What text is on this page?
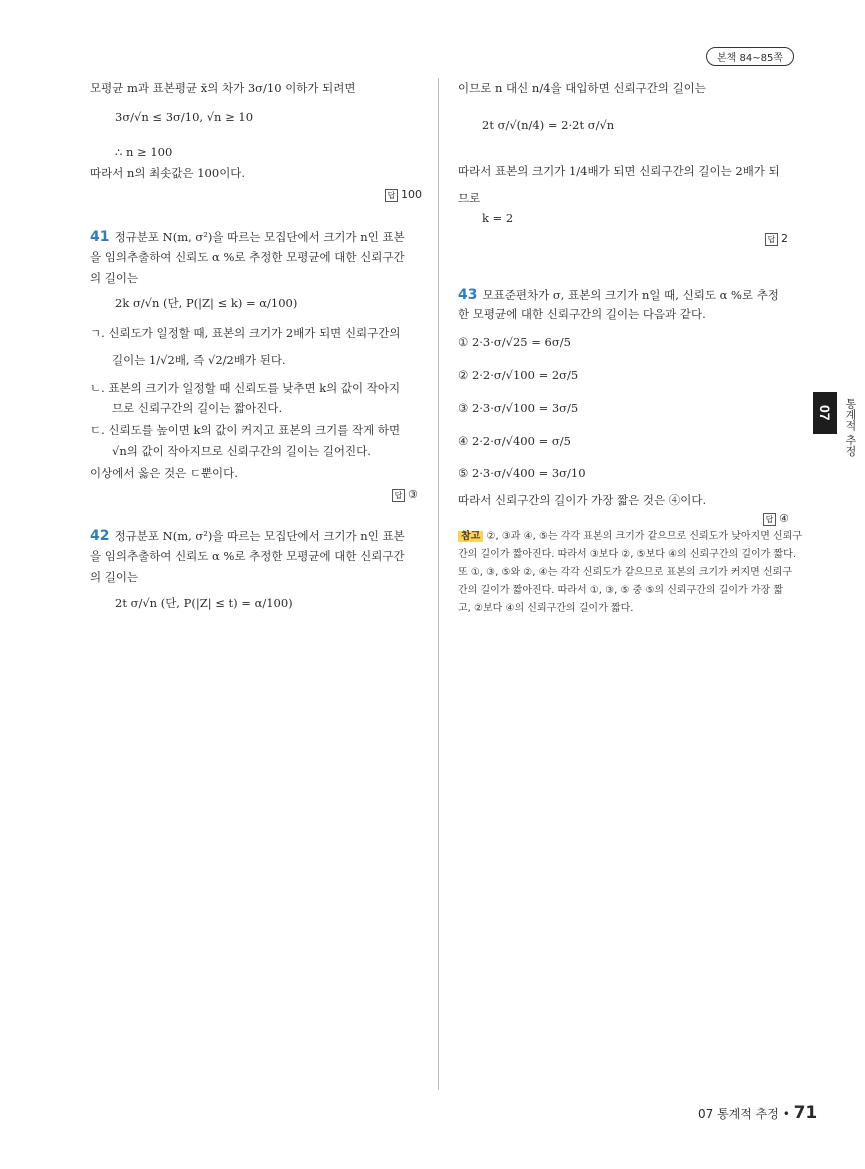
본책 84~85쪽
07	통계적 추정
모평균 m과 표본평균 x̄의 차가 3σ/10 이하가 되려면
3σ/√n ≤ 3σ/10, √n ≥ 10
∴ n ≥ 100
따라서 n의 최솟값은 100이다.
답 100
41 정규분포 N(m, σ²)을 따르는 모집단에서 크기가 n인 표본
을 임의추출하여 신뢰도 α %로 추정한 모평균에 대한 신뢰구간
의 길이는
2k σ/√n (단, P(|Z| ≤ k) = α/100)
ㄱ. 신뢰도가 일정할 때, 표본의 크기가 2배가 되면 신뢰구간의
길이는 1/√2배, 즉 √2/2배가 된다.
ㄴ. 표본의 크기가 일정할 때 신뢰도를 낮추면 k의 값이 작아지
므로 신뢰구간의 길이는 짧아진다.
ㄷ. 신뢰도를 높이면 k의 값이 커지고 표본의 크기를 작게 하면
√n의 값이 작아지므로 신뢰구간의 길이는 길어진다.
이상에서 옳은 것은 ㄷ뿐이다.
답 ③
42 정규분포 N(m, σ²)을 따르는 모집단에서 크기가 n인 표본
을 임의추출하여 신뢰도 α %로 추정한 모평균에 대한 신뢰구간
의 길이는
2t σ/√n (단, P(|Z| ≤ t) = α/100)
이므로 n 대신 n/4을 대입하면 신뢰구간의 길이는
2t σ/√(n/4) = 2·2t σ/√n
따라서 표본의 크기가 1/4배가 되면 신뢰구간의 길이는 2배가 되
므로
k = 2
답 2
43 모표준편차가 σ, 표본의 크기가 n일 때, 신뢰도 α %로 추정
한 모평균에 대한 신뢰구간의 길이는 다음과 같다.
① 2·3·σ/√25 = 6σ/5
② 2·2·σ/√100 = 2σ/5
③ 2·3·σ/√100 = 3σ/5
④ 2·2·σ/√400 = σ/5
⑤ 2·3·σ/√400 = 3σ/10
따라서 신뢰구간의 길이가 가장 짧은 것은 ④이다.
답 ④
참고 ②, ③과 ④, ⑤는 각각 표본의 크기가 같으므로 신뢰도가 낮아지면 신뢰구
간의 길이가 짧아진다. 따라서 ③보다 ②, ⑤보다 ④의 신뢰구간의 길이가 짧다.
또 ①, ③, ⑤와 ②, ④는 각각 신뢰도가 같으므로 표본의 크기가 커지면 신뢰구
간의 길이가 짧아진다. 따라서 ①, ③, ⑤ 중 ⑤의 신뢰구간의 길이가 가장 짧
고, ②보다 ④의 신뢰구간의 길이가 짧다.
07 통계적 추정 • 71
